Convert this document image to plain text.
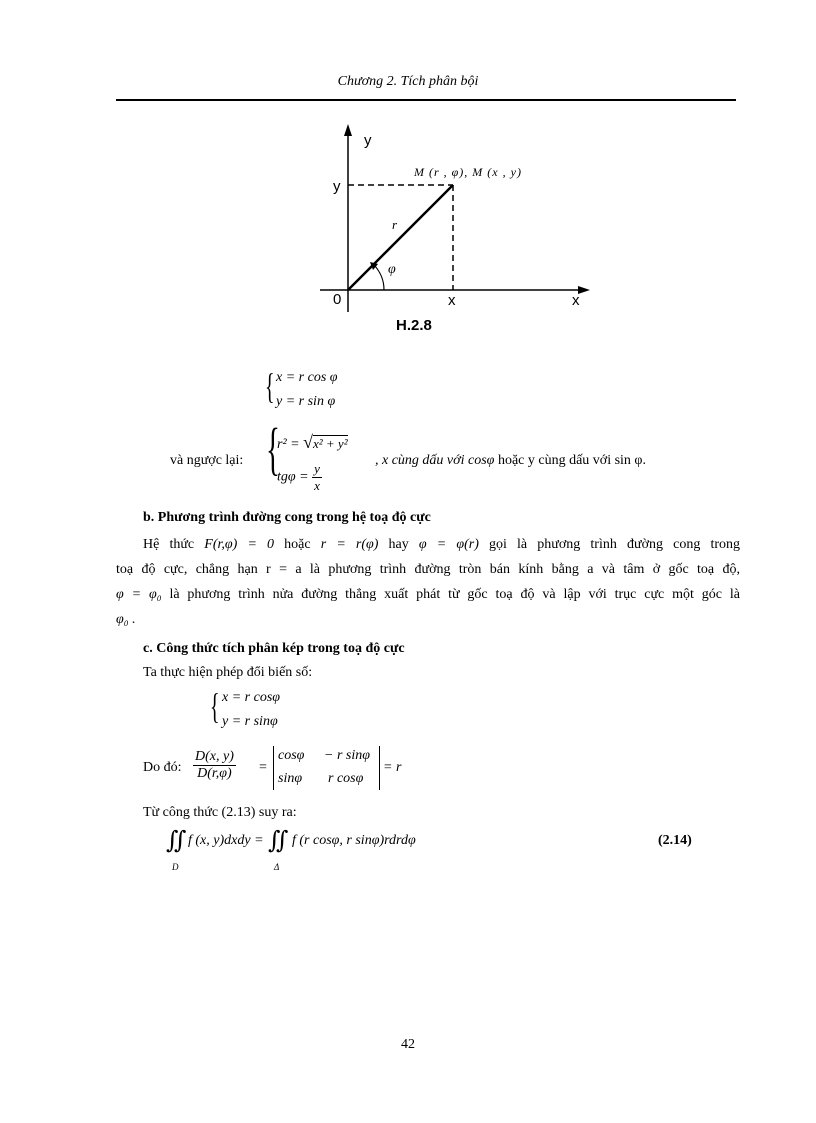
Chương 2. Tích phân bội
y
y
0	x	x
M (r , φ), M (x , y)
r
φ
H.2.8
{ x = r cos φ
y = r sin φ
và ngược lại: {
r² = √x² + y²
$tg\varphi = \frac{y}{x}$
, x cùng dấu với cosφ hoặc y cùng dấu với sin φ.
b. Phương trình đường cong trong hệ toạ độ cực
Hệ thức F(r,φ) = 0 hoặc r = r(φ) hay φ = φ(r) gọi là phương trình đường cong trong
toạ độ cực, chẳng hạn r = a là phương trình đường tròn bán kính bằng a và tâm ở gốc toạ độ,
φ = φ₀ là phương trình nửa đường thẳng xuất phát từ gốc toạ độ và lập với trục cực một góc là
φ₀ .
c. Công thức tích phân kép trong toạ độ cực
Ta thực hiện phép đổi biến số:
{ x = r cosφ
y = r sinφ
Do đó: $\frac{D(x, y)}{D(r,\varphi)}$ =
cosφ − r sinφ
sinφ r cosφ
= r
Từ công thức (2.13) suy ra:
∬
D
f (x, y)dxdy = ∬
Δ
f (r cosφ, r sinφ)rdrdφ	(2.14)
42
